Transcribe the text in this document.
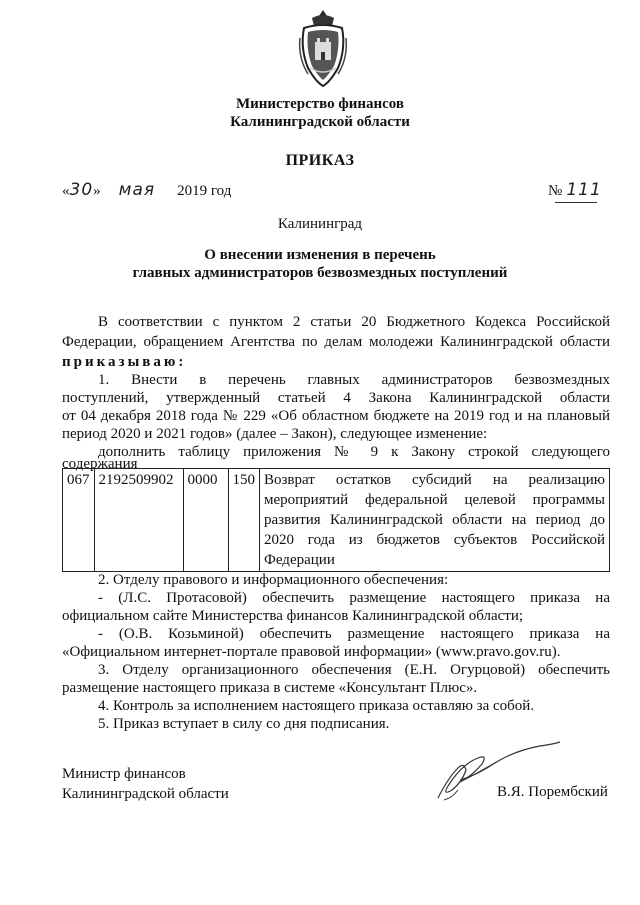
Министерство финансов
Калининградской области
ПРИКАЗ
«30» мая 2019 год	№ 111
Калининград
О внесении изменения в перечень
главных администраторов безвозмездных поступлений
В соответствии с пунктом 2 статьи 20 Бюджетного Кодекса Российской
Федерации, обращением Агентства по делам молодежи Калининградской области
приказываю:
1. Внести в перечень главных администраторов безвозмездных
поступлений, утвержденный статьей 4 Закона Калининградской области
от 04 декабря 2018 года № 229 «Об областном бюджете на 2019 год и на плановый
период 2020 и 2021 годов» (далее – Закон), следующее изменение:
дополнить таблицу приложения № 9 к Закону строкой следующего
содержания
067	2192509902	0000	150	Возврат остатков субсидий на реализацию мероприятий федеральной целевой программы развития Калининградской области на период до 2020 года из бюджетов субъектов Российской Федерации
2. Отделу правового и информационного обеспечения:
- (Л.С. Протасовой) обеспечить размещение настоящего приказа на
официальном сайте Министерства финансов Калининградской области;
- (О.В. Козьминой) обеспечить размещение настоящего приказа на
«Официальном интернет-портале правовой информации» (www.pravo.gov.ru).
3. Отделу организационного обеспечения (Е.Н. Огурцовой) обеспечить
размещение настоящего приказа в системе «Консультант Плюс».
4. Контроль за исполнением настоящего приказа оставляю за собой.
5. Приказ вступает в силу со дня подписания.
Министр финансов
Калининградской области	В.Я. Порембский
